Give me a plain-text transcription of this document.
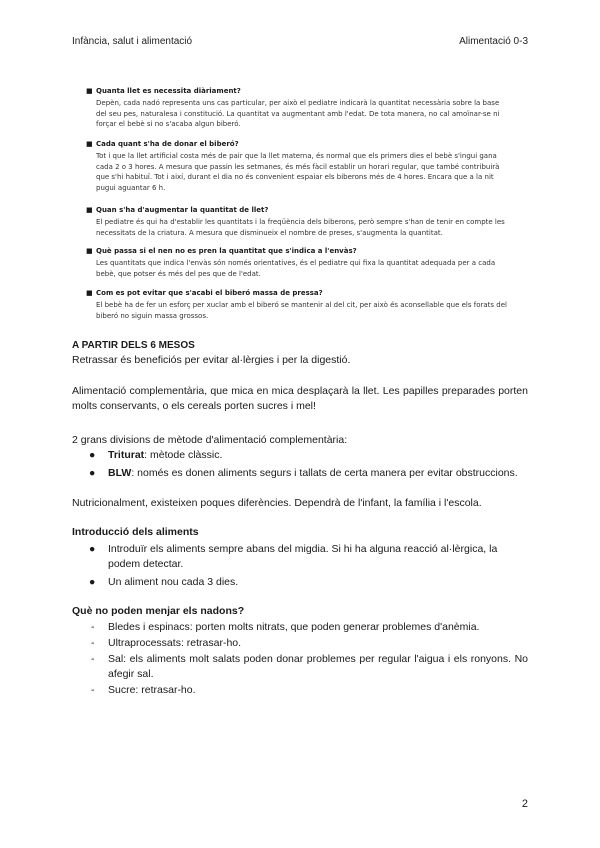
Infància, salut i alimentació	Alimentació 0-3
■ Quanta llet es necessita diàriament?
Depèn, cada nadó representa uns cas particular, per això el pediatre indicarà la quantitat necessària sobre la base del seu pes, naturalesa i constitució. La quantitat va augmentant amb l'edat. De tota manera, no cal amoïnar-se ni forçar el bebè si no s'acaba algun biberó.
■ Cada quant s'ha de donar el biberó?
Tot i que la llet artificial costa més de pair que la llet materna, és normal que els primers dies el bebè s'ingui gana cada 2 o 3 hores. A mesura que passin les setmanes, és més fàcil establir un horari regular, que també contribuirà que s'hi habituï. Tot i així, durant el dia no és convenient espaiar els biberons més de 4 hores. Encara que a la nit pugui aguantar 6 h.
■ Quan s'ha d'augmentar la quantitat de llet?
El pediatre és qui ha d'establir les quantitats i la freqüència dels biberons, però sempre s'han de tenir en compte les necessitats de la criatura. A mesura que disminueix el nombre de preses, s'augmenta la quantitat.
■ Què passa si el nen no es pren la quantitat que s'indica a l'envàs?
Les quantitats que indica l'envàs són només orientatives, és el pediatre qui fixa la quantitat adequada per a cada bebè, que potser és més del pes que de l'edat.
■ Com es pot evitar que s'acabi el biberó massa de pressa?
El bebè ha de fer un esforç per xuclar amb el biberó se mantenir al del cit, per això és aconsellable que els forats del biberó no siguin massa grossos.

A PARTIR DELS 6 MESOS

Retrassar és beneficiós per evitar al·lèrgies i per la digestió.

Alimentació complementària, que mica en mica desplaçarà la llet. Les papilles preparades porten molts conservants, o els cereals porten sucres i mel!

2 grans divisions de mètode d'alimentació complementària:

● Triturat: mètode clàssic.
● BLW: només es donen aliments segurs i tallats de certa manera per evitar obstruccions.

Nutricionalment, existeixen poques diferències. Dependrà de l'infant, la família i l'escola.

Introducció dels aliments

● Introduïr els aliments sempre abans del migdia. Si hi ha alguna reacció al·lèrgica, la podem detectar.
● Un aliment nou cada 3 dies.

Què no poden menjar els nadons?

- Bledes i espinacs: porten molts nitrats, que poden generar problemes d'anèmia.
- Ultraprocessats: retrasar-ho.
- Sal: els aliments molt salats poden donar problemes per regular l'aigua i els ronyons. No afegir sal.
- Sucre: retrasar-ho.
2
